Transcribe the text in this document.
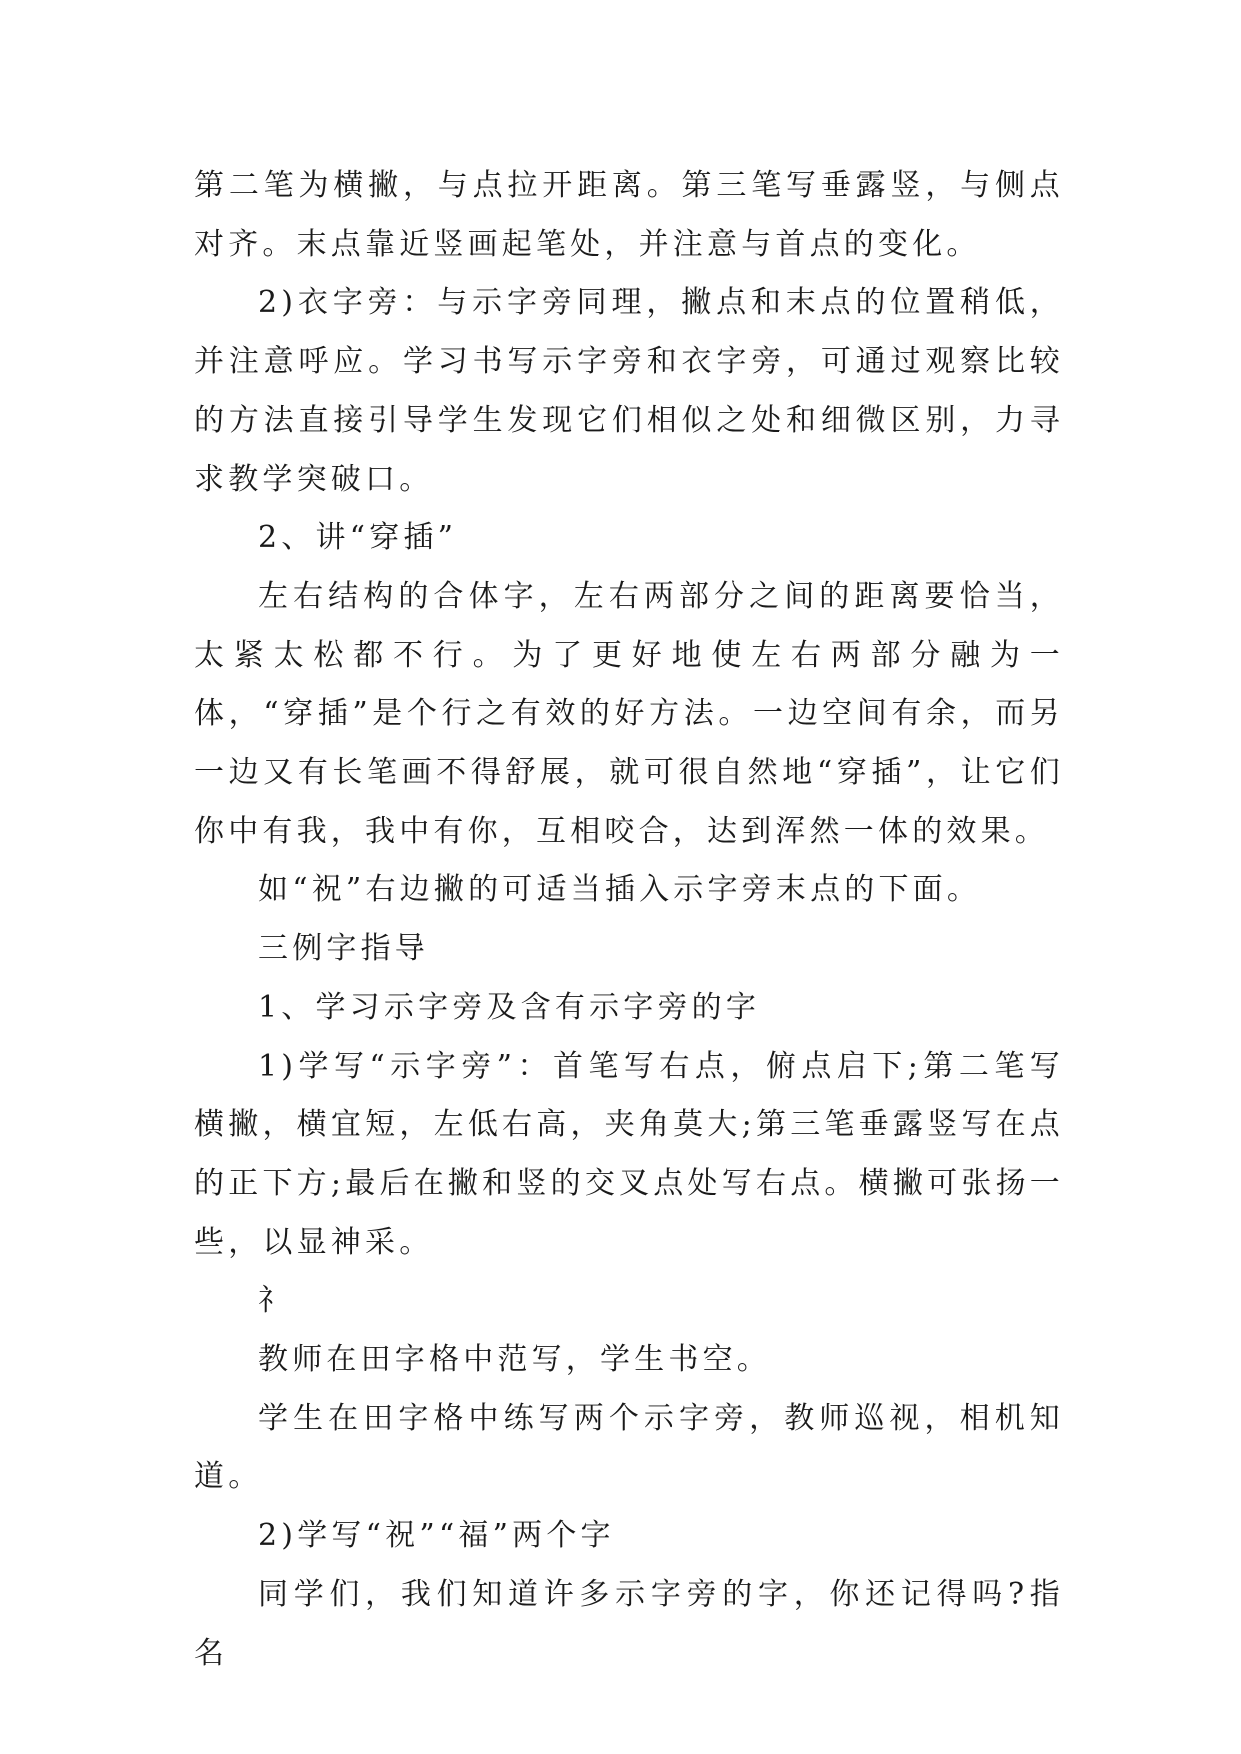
第二笔为横撇，与点拉开距离。第三笔写垂露竖，与侧点对齐。末点靠近竖画起笔处，并注意与首点的变化。

2)衣字旁：与示字旁同理，撇点和末点的位置稍低，并注意呼应。学习书写示字旁和衣字旁，可通过观察比较的方法直接引导学生发现它们相似之处和细微区别，力寻求教学突破口。

2、讲“穿插”

左右结构的合体字，左右两部分之间的距离要恰当，太紧太松都不行。为了更好地使左右两部分融为一体，“穿插”是个行之有效的好方法。一边空间有余，而另一边又有长笔画不得舒展，就可很自然地“穿插”，让它们你中有我，我中有你，互相咬合，达到浑然一体的效果。

如“祝”右边撇的可适当插入示字旁末点的下面。

三例字指导

1、学习示字旁及含有示字旁的字

1)学写“示字旁”：首笔写右点，俯点启下;第二笔写横撇，横宜短，左低右高，夹角莫大;第三笔垂露竖写在点的正下方;最后在撇和竖的交叉点处写右点。横撇可张扬一些，以显神采。

礻

教师在田字格中范写，学生书空。

学生在田字格中练写两个示字旁，教师巡视，相机知道。

2)学写“祝”“福”两个字

同学们，我们知道许多示字旁的字，你还记得吗?指名
